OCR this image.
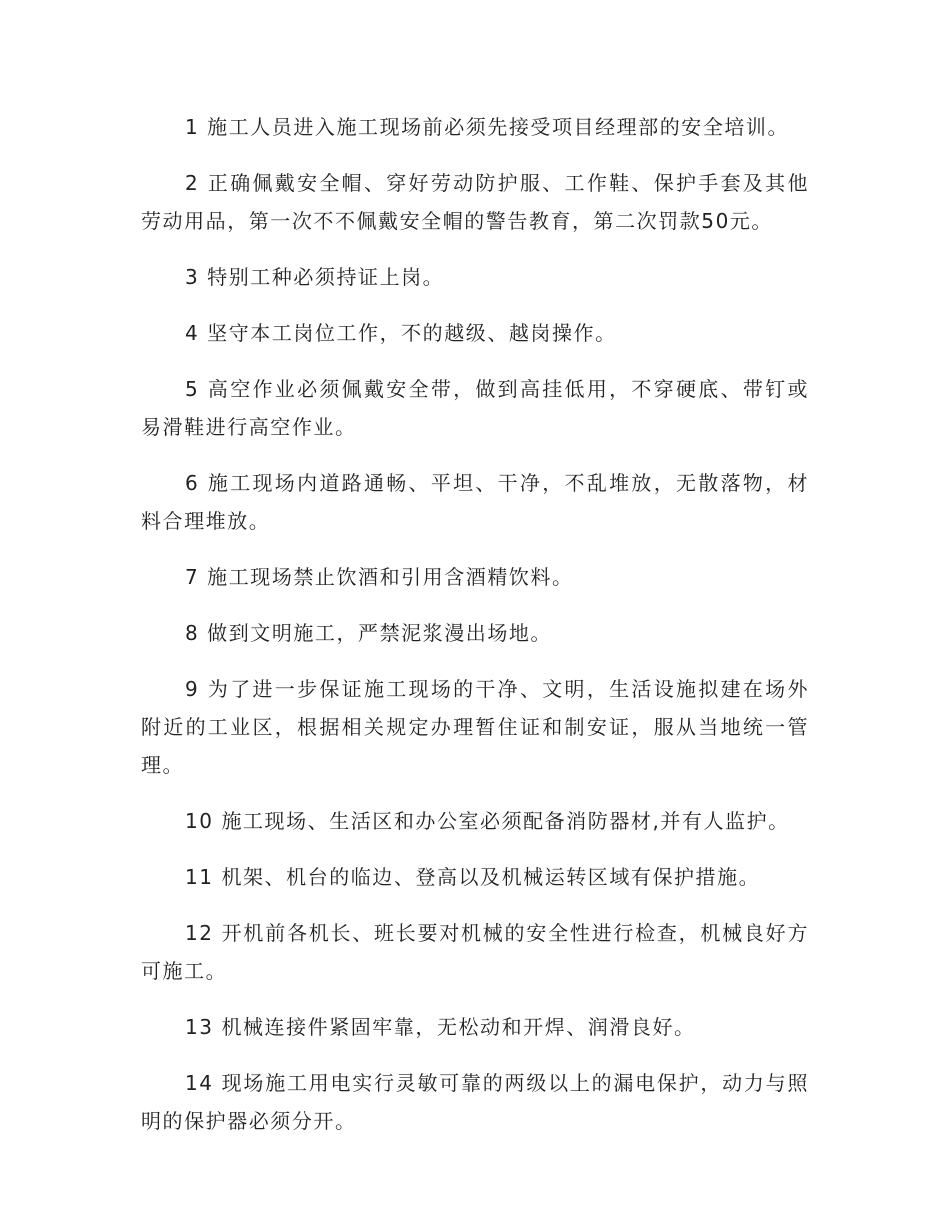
1 施工人员进入施工现场前必须先接受项目经理部的安全培训。

2 正确佩戴安全帽、穿好劳动防护服、工作鞋、保护手套及其他劳动用品，第一次不不佩戴安全帽的警告教育，第二次罚款50元。

3 特别工种必须持证上岗。

4 坚守本工岗位工作，不的越级、越岗操作。

5 高空作业必须佩戴安全带，做到高挂低用，不穿硬底、带钉或易滑鞋进行高空作业。

6 施工现场内道路通畅、平坦、干净，不乱堆放，无散落物，材料合理堆放。

7 施工现场禁止饮酒和引用含酒精饮料。

8 做到文明施工，严禁泥浆漫出场地。

9 为了进一步保证施工现场的干净、文明，生活设施拟建在场外附近的工业区，根据相关规定办理暂住证和制安证，服从当地统一管理。

10 施工现场、生活区和办公室必须配备消防器材,并有人监护。

11 机架、机台的临边、登高以及机械运转区域有保护措施。

12 开机前各机长、班长要对机械的安全性进行检查，机械良好方可施工。

13 机械连接件紧固牢靠，无松动和开焊、润滑良好。

14 现场施工用电实行灵敏可靠的两级以上的漏电保护，动力与照明的保护器必须分开。
